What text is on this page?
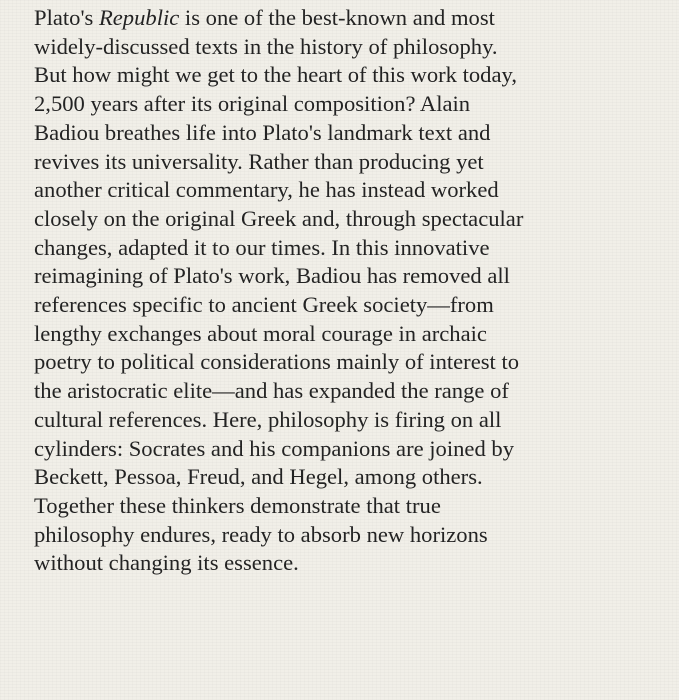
Plato's Republic is one of the best-known and most
widely-discussed texts in the history of philosophy.
But how might we get to the heart of this work today,
2,500 years after its original composition? Alain
Badiou breathes life into Plato's landmark text and
revives its universality. Rather than producing yet
another critical commentary, he has instead worked
closely on the original Greek and, through spectacular
changes, adapted it to our times. In this innovative
reimagining of Plato's work, Badiou has removed all
references specific to ancient Greek society—from
lengthy exchanges about moral courage in archaic
poetry to political considerations mainly of interest to
the aristocratic elite—and has expanded the range of
cultural references. Here, philosophy is firing on all
cylinders: Socrates and his companions are joined by
Beckett, Pessoa, Freud, and Hegel, among others.
Together these thinkers demonstrate that true
philosophy endures, ready to absorb new horizons
without changing its essence.
